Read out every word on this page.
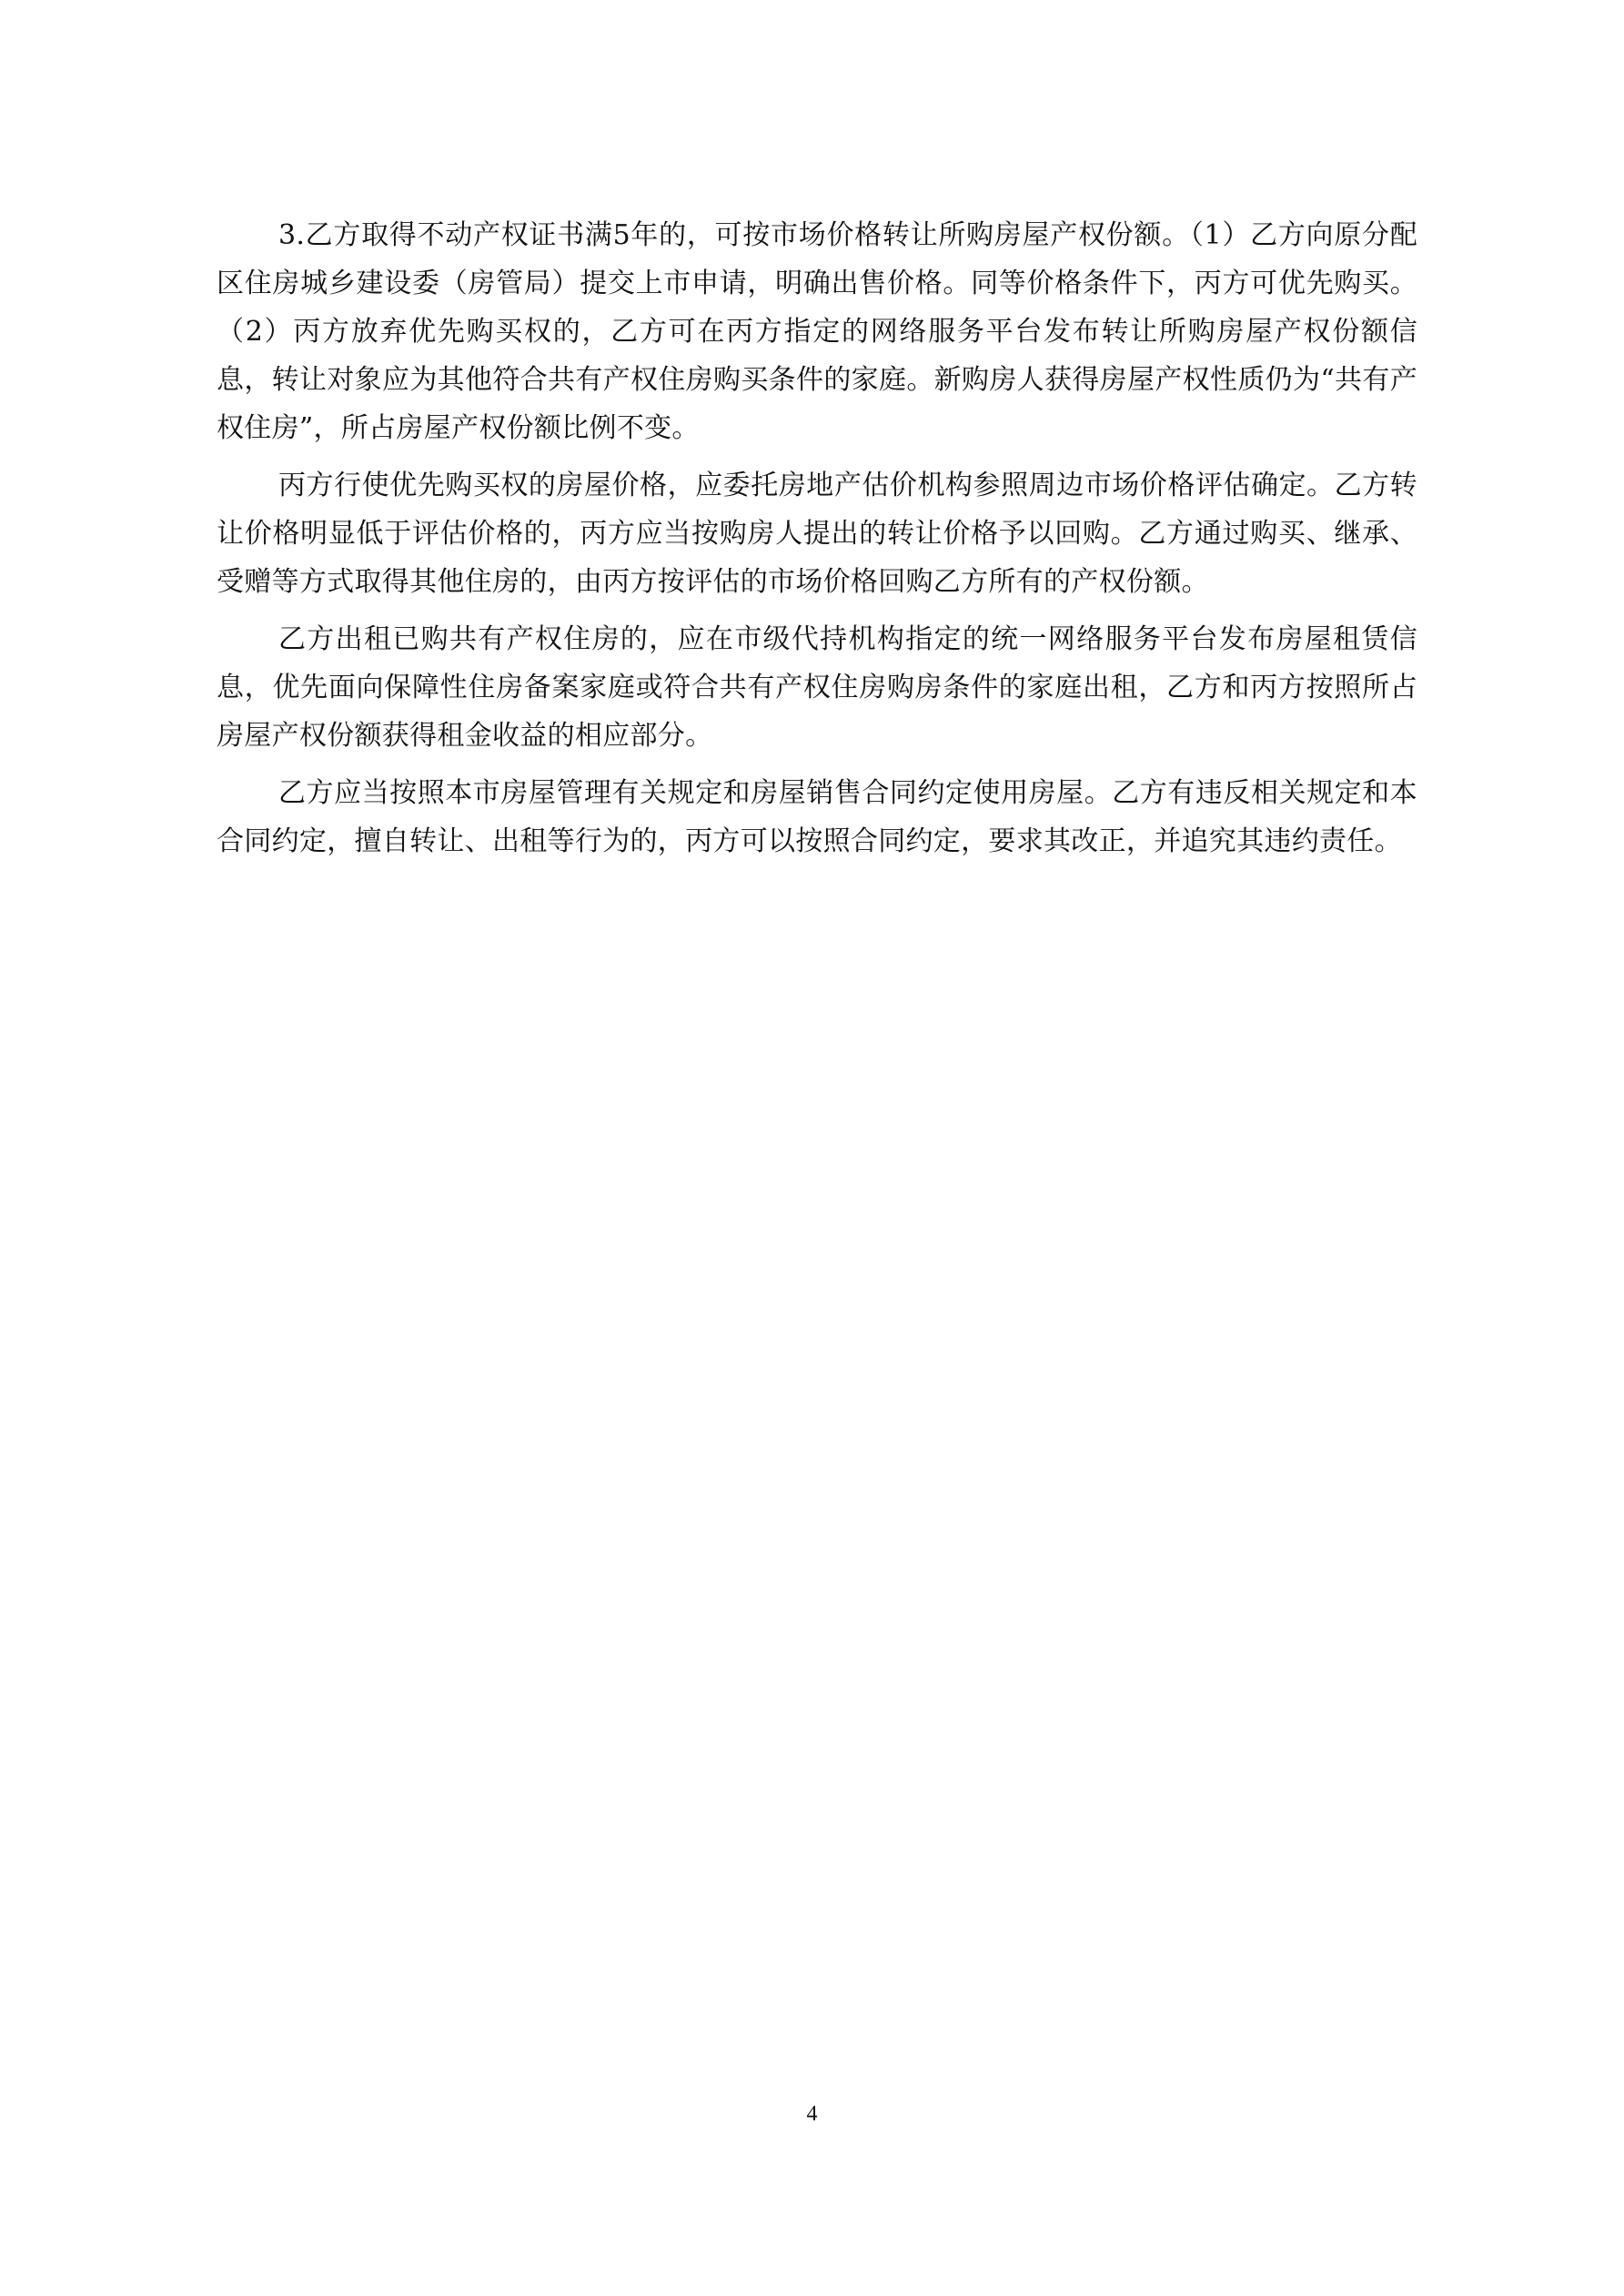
3.乙方取得不动产权证书满5年的，可按市场价格转让所购房屋产权份额。（1）乙方向原分配区住房城乡建设委（房管局）提交上市申请，明确出售价格。同等价格条件下，丙方可优先购买。（2）丙方放弃优先购买权的，乙方可在丙方指定的网络服务平台发布转让所购房屋产权份额信息，转让对象应为其他符合共有产权住房购买条件的家庭。新购房人获得房屋产权性质仍为“共有产权住房”，所占房屋产权份额比例不变。

丙方行使优先购买权的房屋价格，应委托房地产估价机构参照周边市场价格评估确定。乙方转让价格明显低于评估价格的，丙方应当按购房人提出的转让价格予以回购。乙方通过购买、继承、受赠等方式取得其他住房的，由丙方按评估的市场价格回购乙方所有的产权份额。

乙方出租已购共有产权住房的，应在市级代持机构指定的统一网络服务平台发布房屋租赁信息，优先面向保障性住房备案家庭或符合共有产权住房购房条件的家庭出租，乙方和丙方按照所占房屋产权份额获得租金收益的相应部分。

乙方应当按照本市房屋管理有关规定和房屋销售合同约定使用房屋。乙方有违反相关规定和本合同约定，擅自转让、出租等行为的，丙方可以按照合同约定，要求其改正，并追究其违约责任。

4
